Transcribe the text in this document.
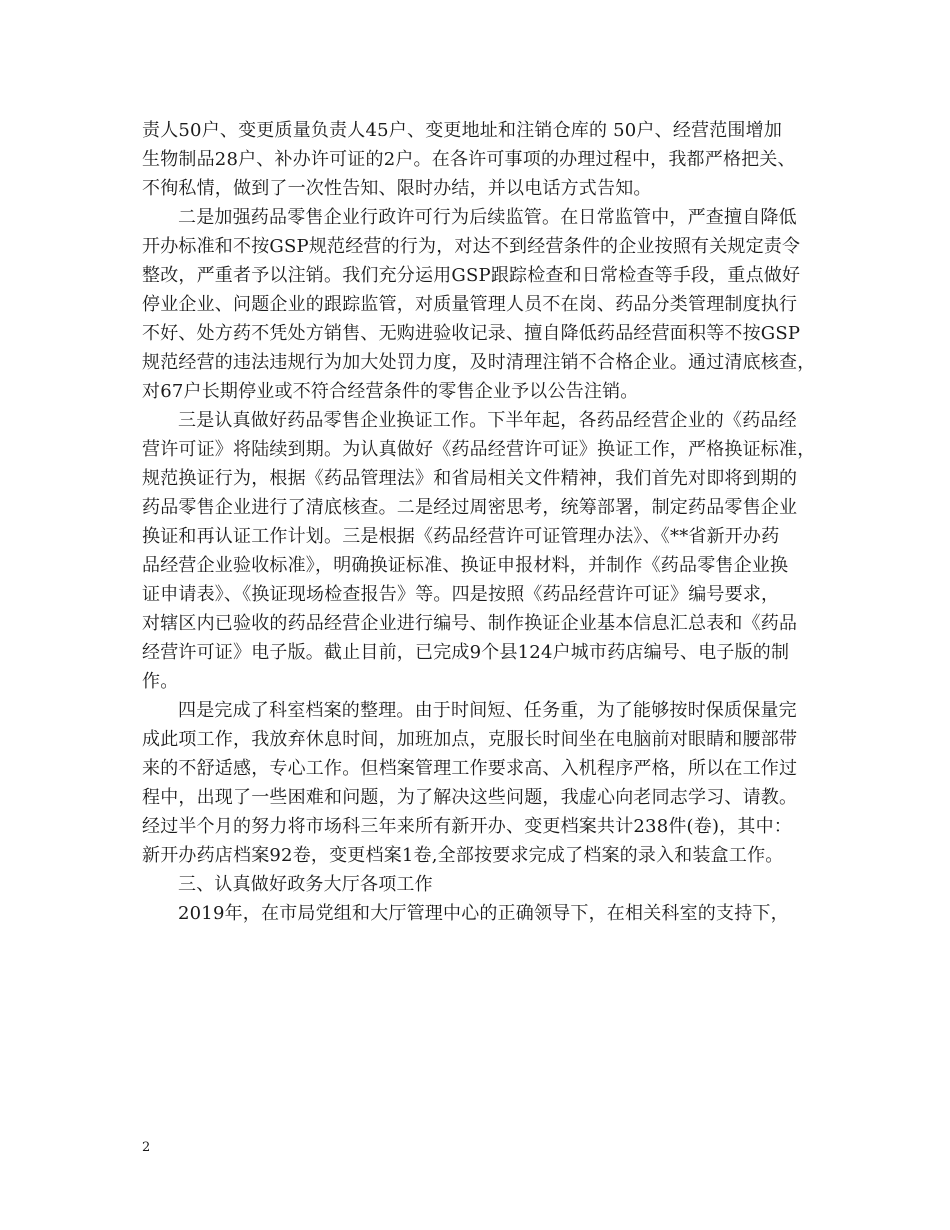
责人50户、变更质量负责人45户、变更地址和注销仓库的 50户、经营范围增加
生物制品28户、补办许可证的2户。在各许可事项的办理过程中，我都严格把关、
不徇私情，做到了一次性告知、限时办结，并以电话方式告知。
二是加强药品零售企业行政许可行为后续监管。在日常监管中，严查擅自降低
开办标准和不按GSP规范经营的行为，对达不到经营条件的企业按照有关规定责令
整改，严重者予以注销。我们充分运用GSP跟踪检查和日常检查等手段，重点做好
停业企业、问题企业的跟踪监管，对质量管理人员不在岗、药品分类管理制度执行
不好、处方药不凭处方销售、无购进验收记录、擅自降低药品经营面积等不按GSP
规范经营的违法违规行为加大处罚力度，及时清理注销不合格企业。通过清底核查，
对67户长期停业或不符合经营条件的零售企业予以公告注销。
三是认真做好药品零售企业换证工作。下半年起，各药品经营企业的《药品经
营许可证》将陆续到期。为认真做好《药品经营许可证》换证工作，严格换证标准，
规范换证行为，根据《药品管理法》和省局相关文件精神，我们首先对即将到期的
药品零售企业进行了清底核查。二是经过周密思考，统筹部署，制定药品零售企业
换证和再认证工作计划。三是根据《药品经营许可证管理办法》、《**省新开办药
品经营企业验收标准》，明确换证标准、换证申报材料，并制作《药品零售企业换
证申请表》、《换证现场检查报告》等。四是按照《药品经营许可证》编号要求，
对辖区内已验收的药品经营企业进行编号、制作换证企业基本信息汇总表和《药品
经营许可证》电子版。截止目前，已完成9个县124户城市药店编号、电子版的制
作。
四是完成了科室档案的整理。由于时间短、任务重，为了能够按时保质保量完
成此项工作，我放弃休息时间，加班加点，克服长时间坐在电脑前对眼睛和腰部带
来的不舒适感，专心工作。但档案管理工作要求高、入机程序严格，所以在工作过
程中，出现了一些困难和问题，为了解决这些问题，我虚心向老同志学习、请教。
经过半个月的努力将市场科三年来所有新开办、变更档案共计238件(卷)，其中：
新开办药店档案92卷，变更档案1卷,全部按要求完成了档案的录入和装盒工作。
三、认真做好政务大厅各项工作
2019年，在市局党组和大厅管理中心的正确领导下，在相关科室的支持下，
2
